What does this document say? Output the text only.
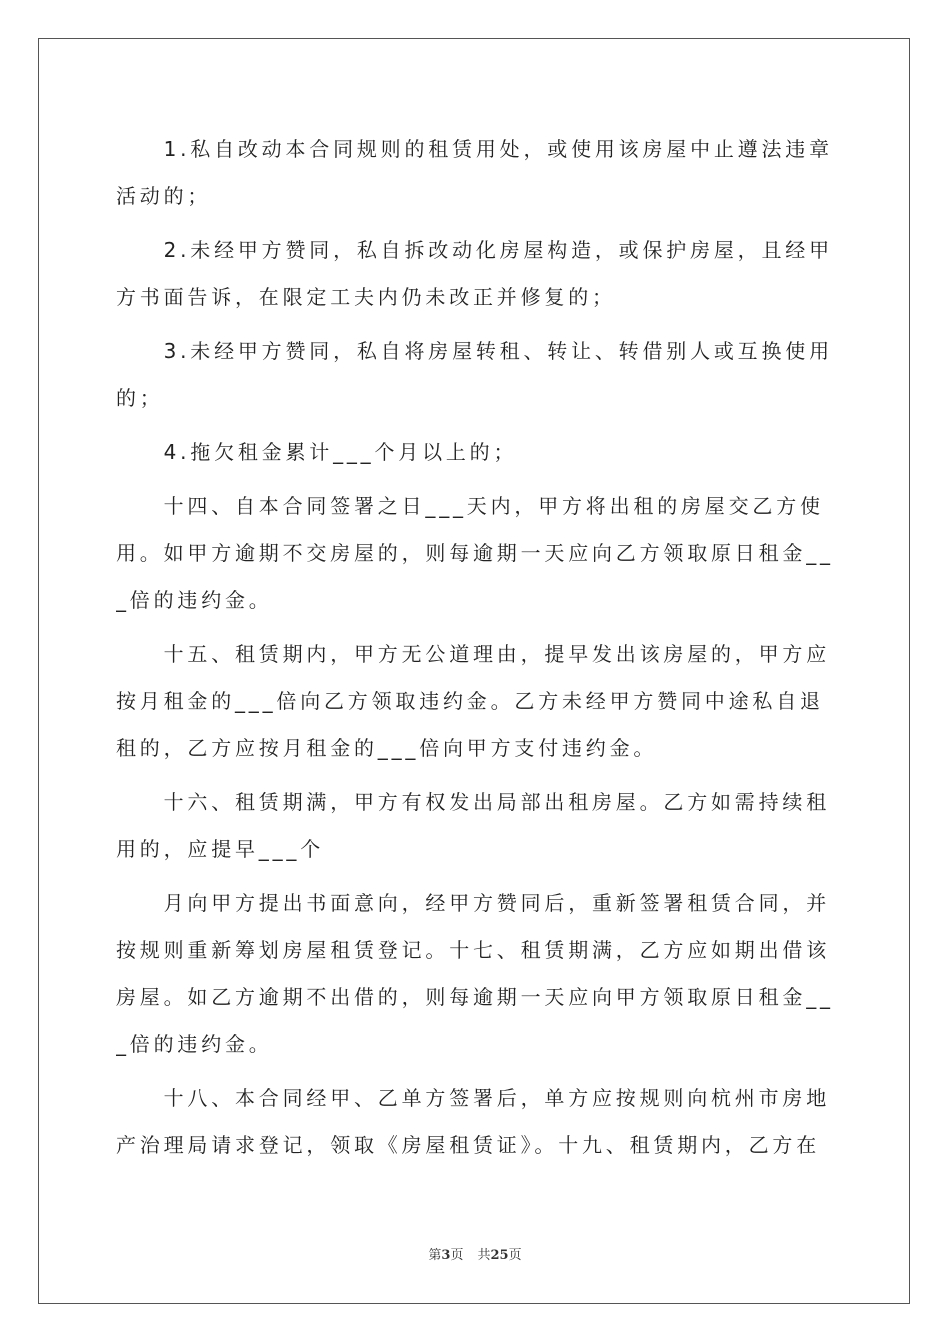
　　1.私自改动本合同规则的租赁用处，或使用该房屋中止遵法违章
活动的；
　　2.未经甲方赞同，私自拆改动化房屋构造，或保护房屋，且经甲
方书面告诉，在限定工夫内仍未改正并修复的；
　　3.未经甲方赞同，私自将房屋转租、转让、转借别人或互换使用
的；
　　4.拖欠租金累计___个月以上的；
　　十四、自本合同签署之日___天内，甲方将出租的房屋交乙方使
用。如甲方逾期不交房屋的，则每逾期一天应向乙方领取原日租金__
_倍的违约金。
　　十五、租赁期内，甲方无公道理由，提早发出该房屋的，甲方应
按月租金的___倍向乙方领取违约金。乙方未经甲方赞同中途私自退
租的，乙方应按月租金的___倍向甲方支付违约金。
　　十六、租赁期满，甲方有权发出局部出租房屋。乙方如需持续租
用的，应提早___个
　　月向甲方提出书面意向，经甲方赞同后，重新签署租赁合同，并
按规则重新筹划房屋租赁登记。十七、租赁期满，乙方应如期出借该
房屋。如乙方逾期不出借的，则每逾期一天应向甲方领取原日租金__
_倍的违约金。
　　十八、本合同经甲、乙单方签署后，单方应按规则向杭州市房地
产治理局请求登记，领取《房屋租赁证》。十九、租赁期内，乙方在
第3页 共25页
